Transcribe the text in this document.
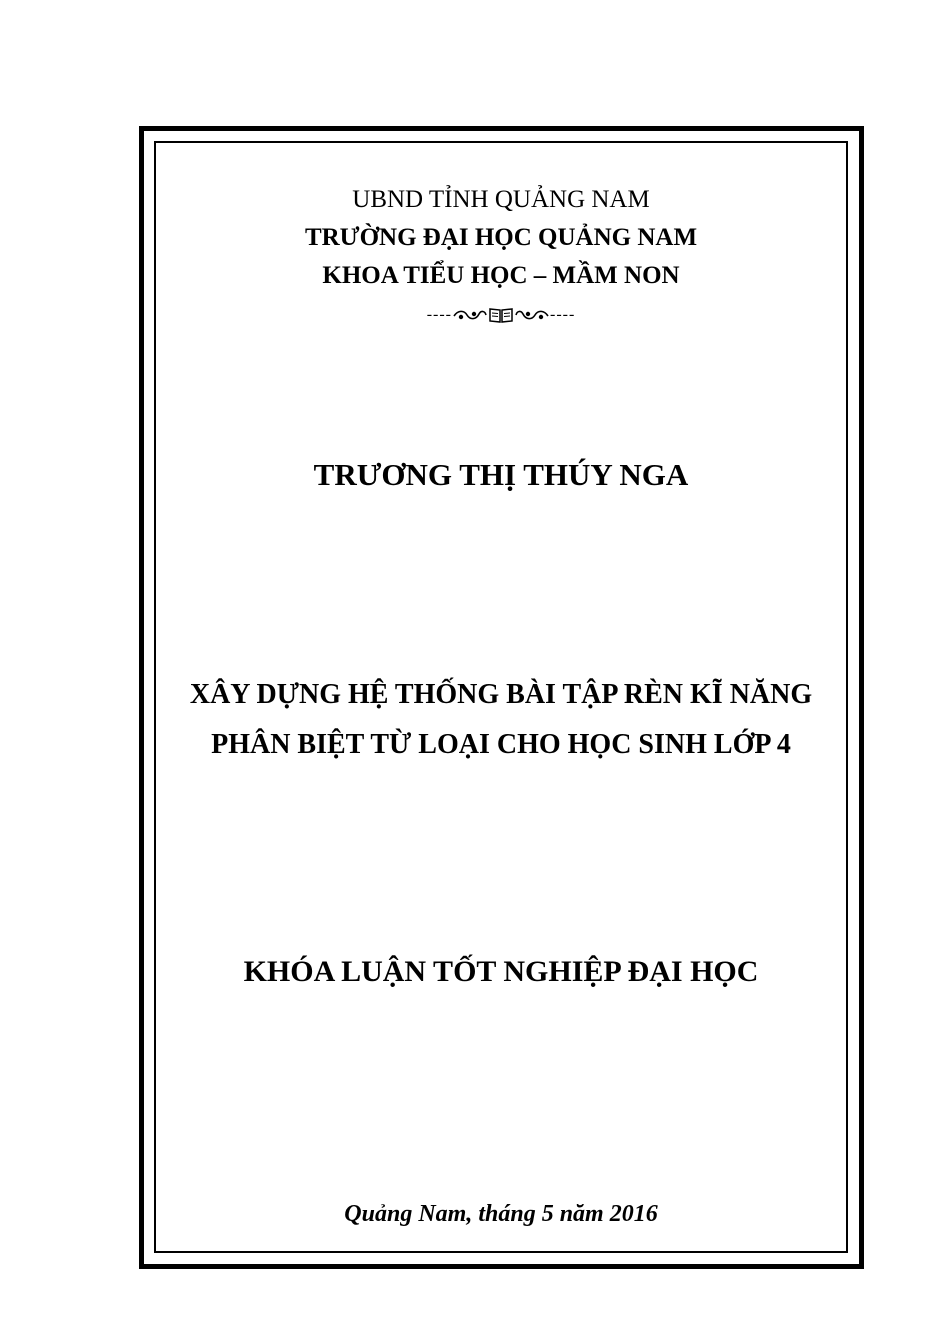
UBND TỈNH QUẢNG NAM
TRƯỜNG ĐẠI HỌC QUẢNG NAM
KHOA TIỂU HỌC – MẦM NON
----	----
TRƯƠNG THỊ THÚY NGA
XÂY DỰNG HỆ THỐNG BÀI TẬP RÈN KĨ NĂNG
PHÂN BIỆT TỪ LOẠI CHO HỌC SINH LỚP 4
KHÓA LUẬN TỐT NGHIỆP ĐẠI HỌC
Quảng Nam, tháng 5 năm 2016
